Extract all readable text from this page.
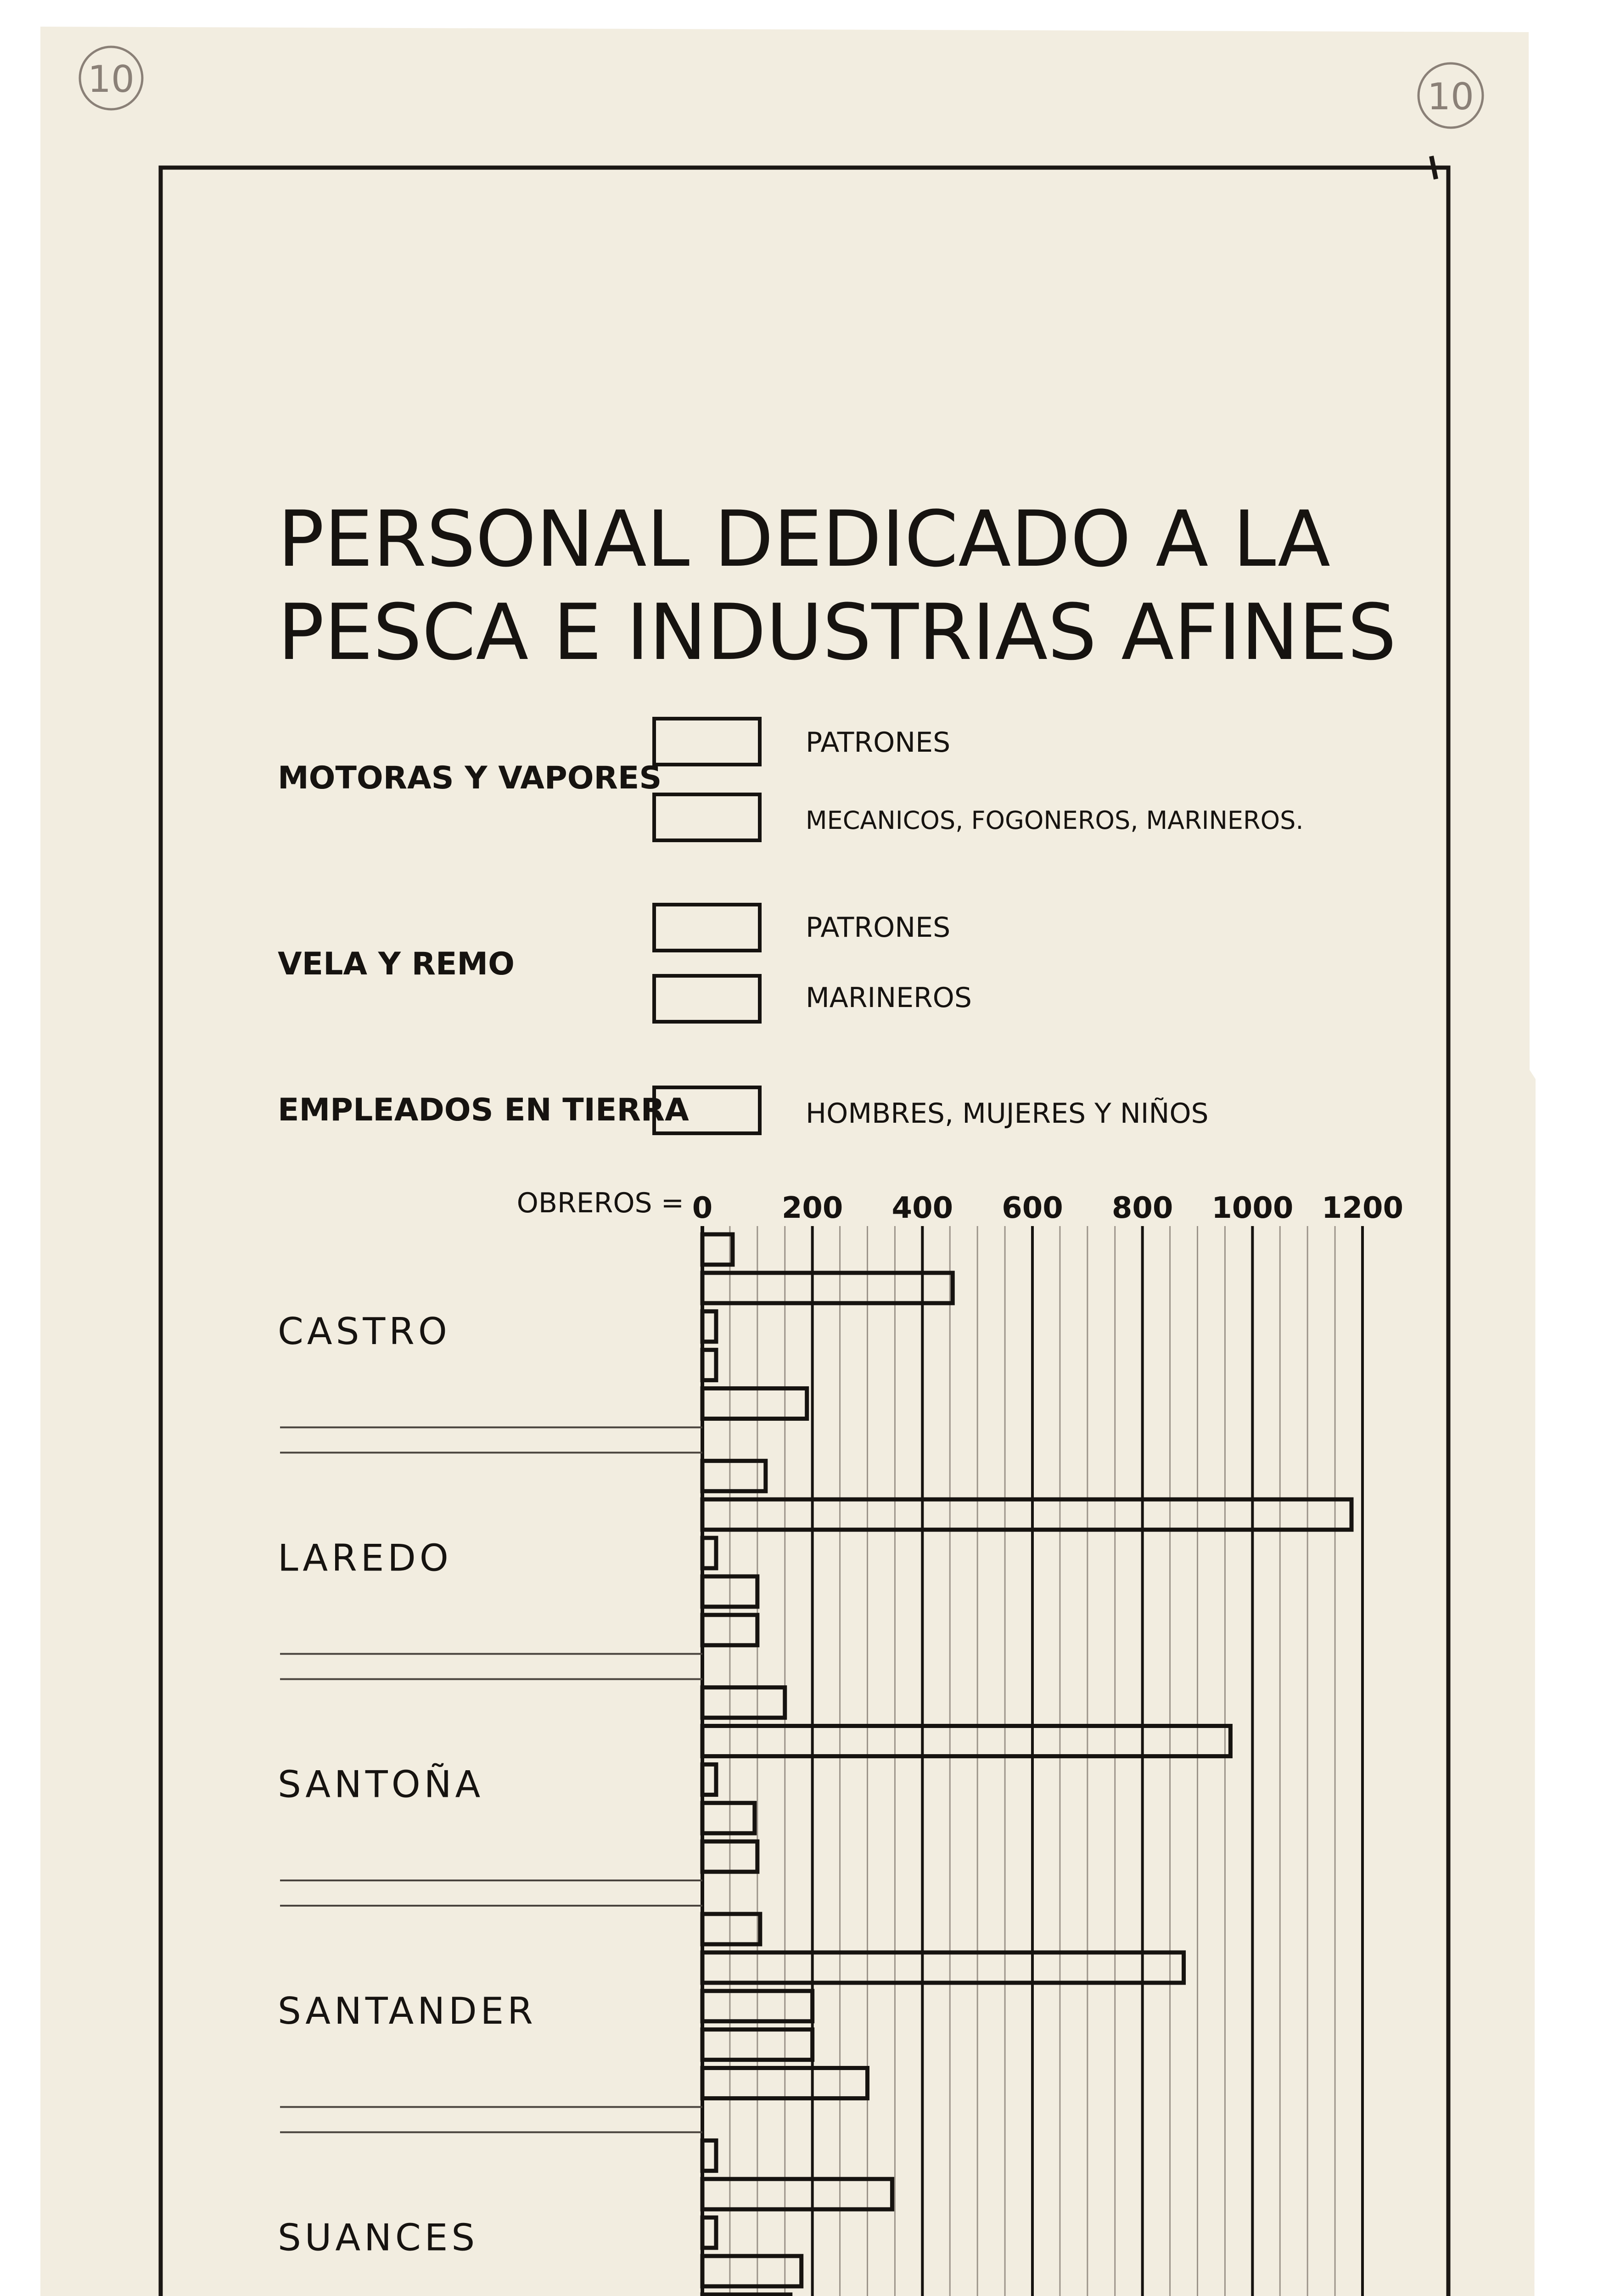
10	10
PERSONAL DEDICADO A LA
PESCA E INDUSTRIAS AFINES
MOTORAS Y VAPORES
PATRONES
MECANICOS, FOGONEROS, MARINEROS.
VELA Y REMO
PATRONES
MARINEROS
EMPLEADOS EN TIERRA	HOMBRES, MUJERES Y NIÑOS
OBREROS = 0 200 400 600 800 1000 1200
CASTRO
LAREDO
SANTOÑA
SANTANDER
SUANCES
